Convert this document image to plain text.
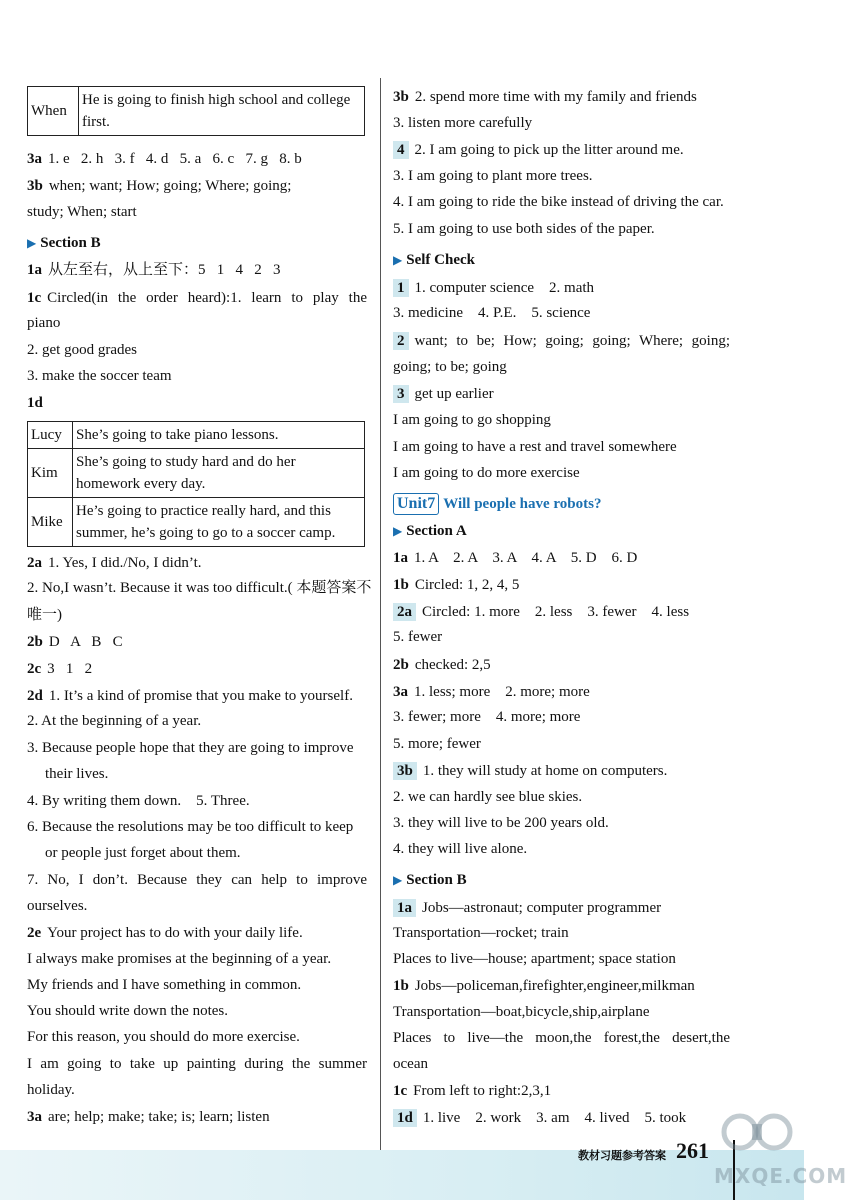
When	He is going to finish high school and college first.
3a 1. e   2. h   3. f   4. d   5. a   6. c   7. g   8. b
3b when; want; How; going; Where; going;
study; When; start
▶ Section B
1a 从左至右，从上至下：5   1   4   2   3
1c Circled(in the order heard):1. learn to play the
piano
2. get good grades
3. make the soccer team
1d
Lucy	She’s going to take piano lessons.
Kim	She’s going to study hard and do her homework every day.
Mike	He’s going to practice really hard, and this summer, he’s going to go to a soccer camp.
2a 1. Yes, I did./No, I didn’t.
2. No,I wasn’t. Because it was too difficult.( 本题答案不
唯一)
2b D   A   B   C
2c 3   1   2
2d 1. It’s a kind of promise that you make to yourself.
2. At the beginning of a year.
3. Because people hope that they are going to improve
their lives.
4. By writing them down.    5. Three.
6. Because the resolutions may be too difficult to keep
or people just forget about them.
7. No, I don’t. Because they can help to improve
ourselves.
2e Your project has to do with your daily life.
I always make promises at the beginning of a year.
My friends and I have something in common.
You should write down the notes.
For this reason, you should do more exercise.
I am going to take up painting during the summer
holiday.
3a are; help; make; take; is; learn; listen
3b 2. spend more time with my family and friends
3. listen more carefully
4 2. I am going to pick up the litter around me.
3. I am going to plant more trees.
4. I am going to ride the bike instead of driving the car.
5. I am going to use both sides of the paper.
▶ Self Check
1 1. computer science    2. math
3. medicine    4. P.E.    5. science
2 want; to be; How; going; going; Where; going;
going; to be; going
3 get up earlier
I am going to go shopping
I am going to have a rest and travel somewhere
I am going to do more exercise
Unit7 Will people have robots?
▶ Section A
1a 1. A    2. A    3. A    4. A    5. D    6. D
1b Circled: 1, 2, 4, 5
2a Circled: 1. more    2. less    3. fewer    4. less
5. fewer
2b checked: 2,5
3a 1. less; more    2. more; more
3. fewer; more    4. more; more
5. more; fewer
3b 1. they will study at home on computers.
2. we can hardly see blue skies.
3. they will live to be 200 years old.
4. they will live alone.
▶ Section B
1a Jobs—astronaut; computer programmer
Transportation—rocket; train
Places to live—house; apartment; space station
1b Jobs—policeman,firefighter,engineer,milkman
Transportation—boat,bicycle,ship,airplane
Places to live—the moon,the forest,the desert,the
ocean
1c From left to right:2,3,1
1d 1. live    2. work    3. am    4. lived    5. took
教材习题参考答案 261
MXQE.COM
